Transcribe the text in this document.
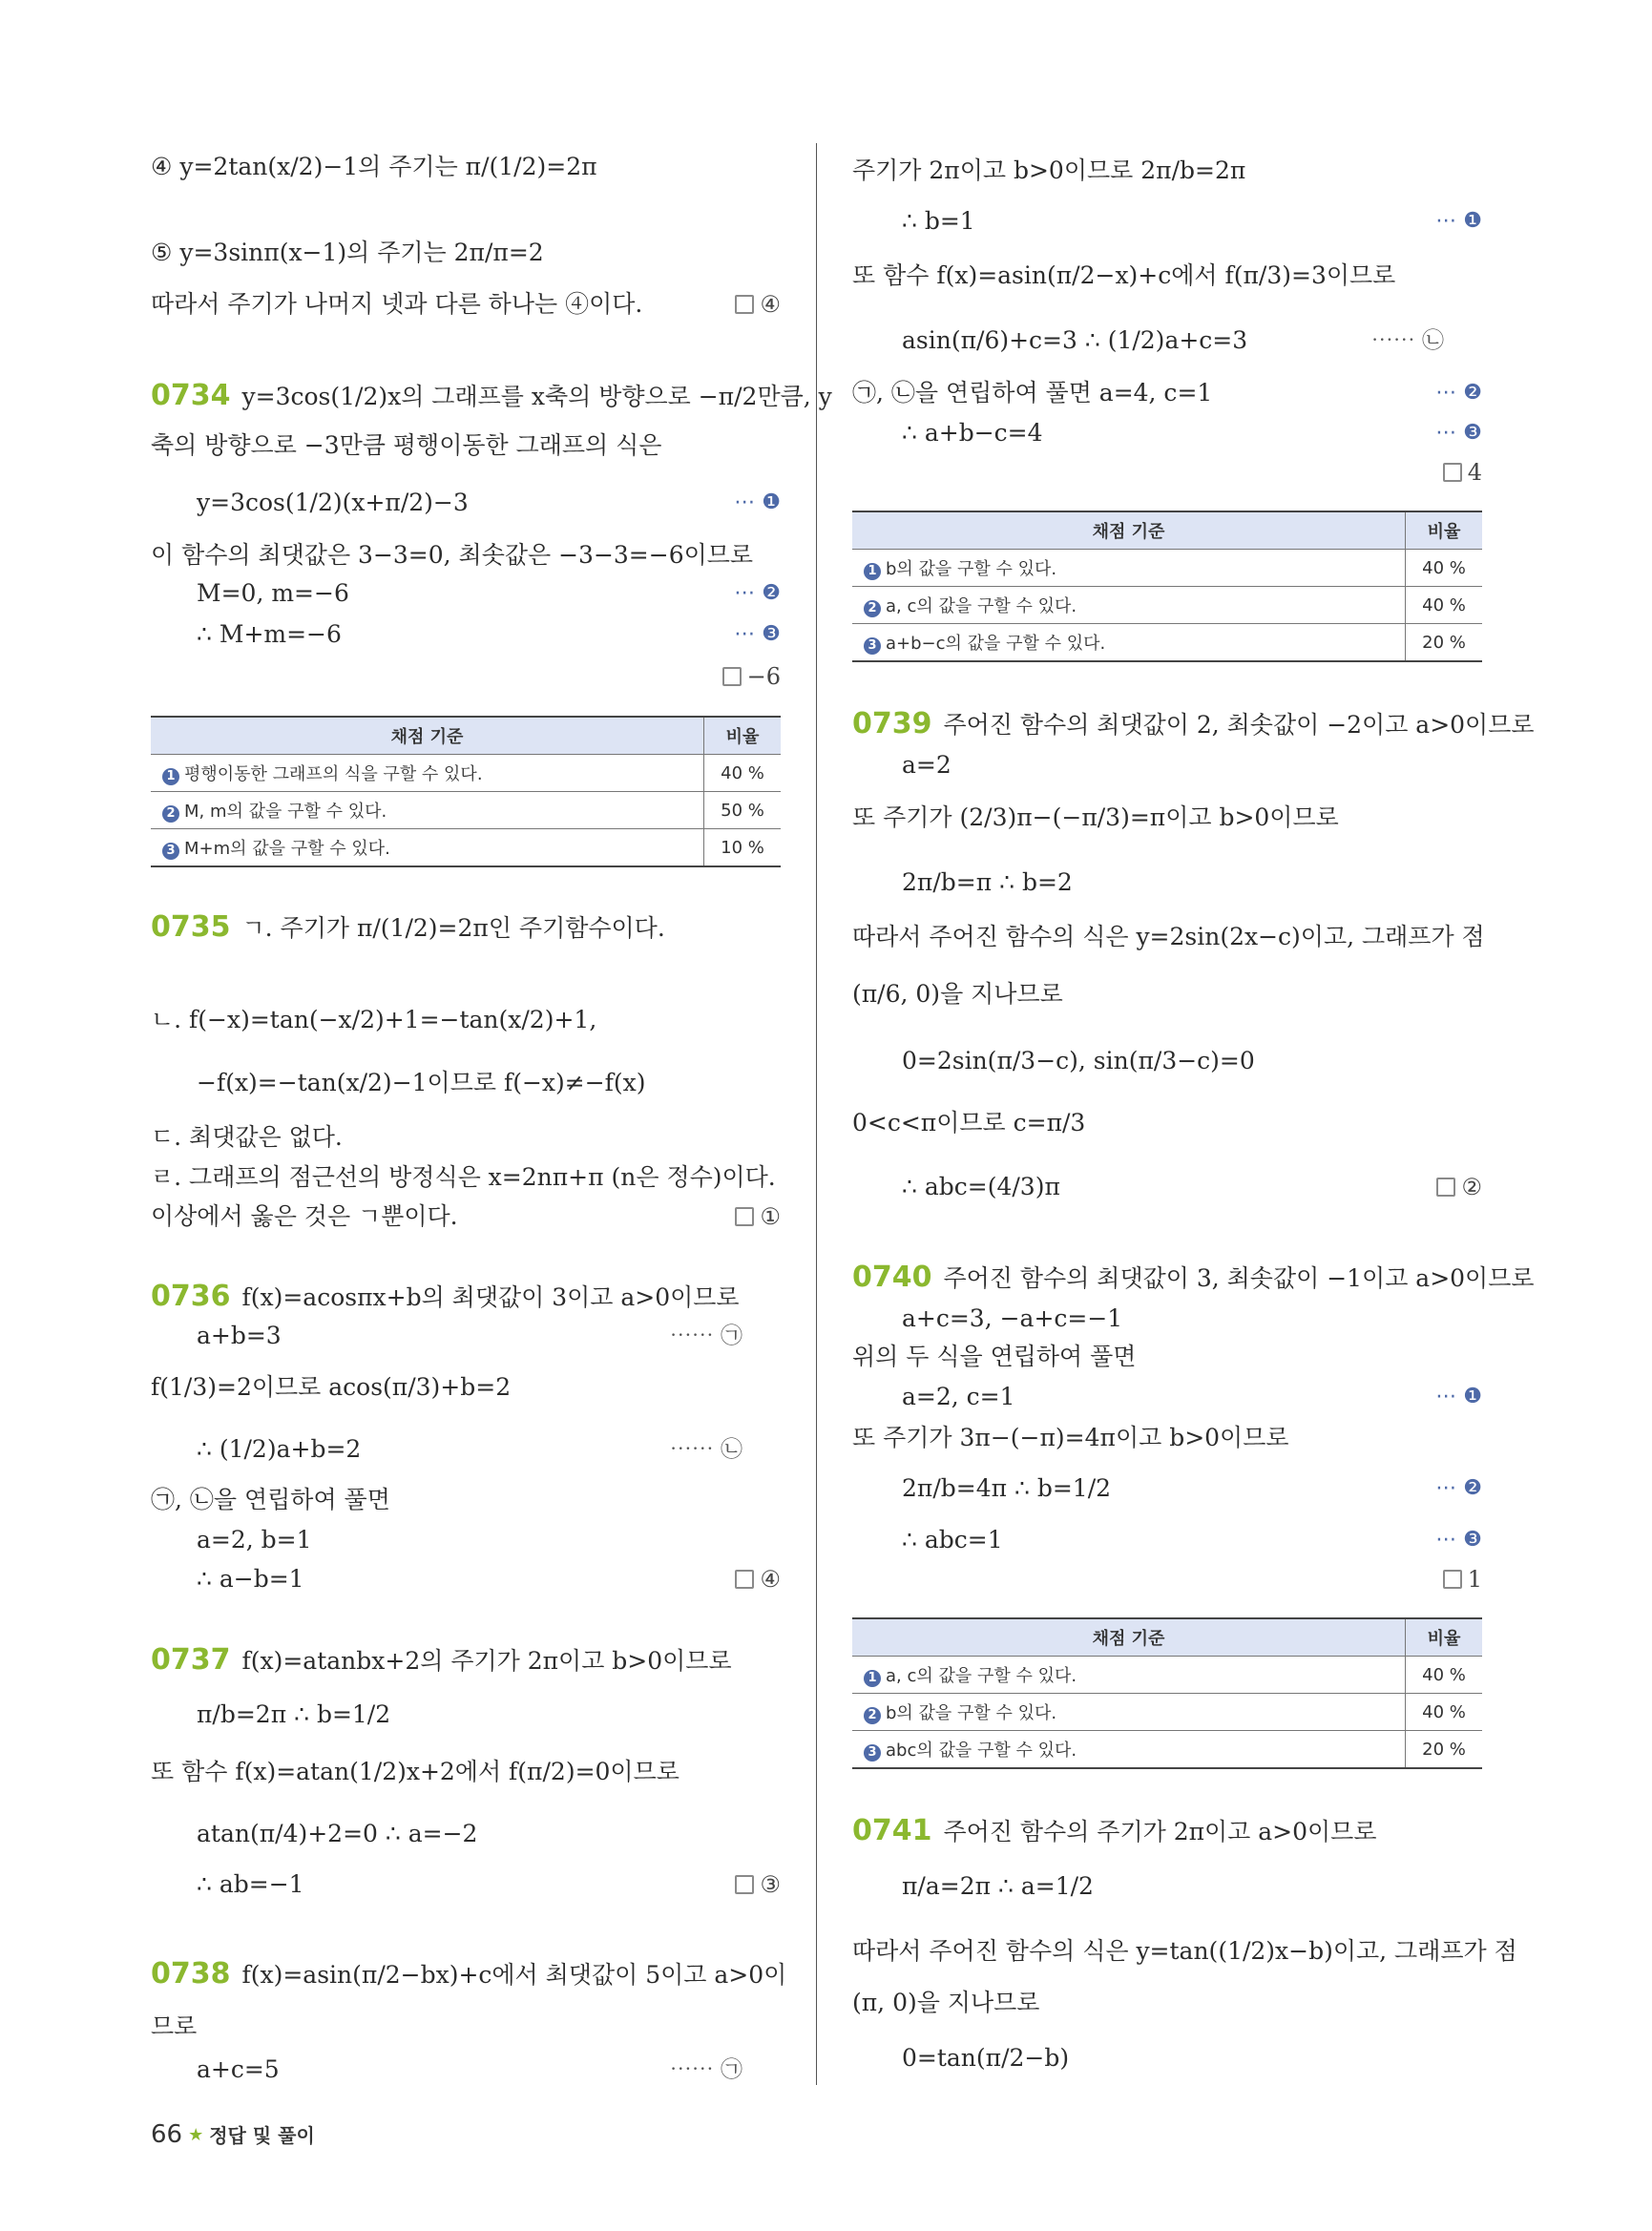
④ y=2tan(x/2)−1의 주기는 π/(1/2)=2π
⑤ y=3sinπ(x−1)의 주기는 2π/π=2
따라서 주기가 나머지 넷과 다른 하나는 ④이다.	④
0734 y=3cos(1/2)x의 그래프를 x축의 방향으로 −π/2만큼, y
축의 방향으로 −3만큼 평행이동한 그래프의 식은
y=3cos(1/2)(x+π/2)−3	⋯ ❶
이 함수의 최댓값은 3−3=0, 최솟값은 −3−3=−6이므로
M=0, m=−6	⋯ ❷
∴ M+m=−6	⋯ ❸
−6
채점 기준	비율
1 평행이동한 그래프의 식을 구할 수 있다.	40 %
2 M, m의 값을 구할 수 있다.	50 %
3 M+m의 값을 구할 수 있다.	10 %
0735 ㄱ. 주기가 π/(1/2)=2π인 주기함수이다.
ㄴ. f(−x)=tan(−x/2)+1=−tan(x/2)+1,
−f(x)=−tan(x/2)−1이므로 f(−x)≠−f(x)
ㄷ. 최댓값은 없다.
ㄹ. 그래프의 점근선의 방정식은 x=2nπ+π (n은 정수)이다.
이상에서 옳은 것은 ㄱ뿐이다.	①
0736 f(x)=acosπx+b의 최댓값이 3이고 a>0이므로
a+b=3	⋯⋯ ㉠
f(1/3)=2이므로 acos(π/3)+b=2
∴ (1/2)a+b=2	⋯⋯ ㉡
㉠, ㉡을 연립하여 풀면
a=2, b=1
∴ a−b=1	④
0737 f(x)=atanbx+2의 주기가 2π이고 b>0이므로
π/b=2π ∴ b=1/2
또 함수 f(x)=atan(1/2)x+2에서 f(π/2)=0이므로
atan(π/4)+2=0 ∴ a=−2
∴ ab=−1	③
0738 f(x)=asin(π/2−bx)+c에서 최댓값이 5이고 a>0이
므로
a+c=5	⋯⋯ ㉠
주기가 2π이고 b>0이므로 2π/b=2π
∴ b=1	⋯ ❶
또 함수 f(x)=asin(π/2−x)+c에서 f(π/3)=3이므로
asin(π/6)+c=3 ∴ (1/2)a+c=3	⋯⋯ ㉡
㉠, ㉡을 연립하여 풀면 a=4, c=1	⋯ ❷
∴ a+b−c=4	⋯ ❸
4
채점 기준	비율
1 b의 값을 구할 수 있다.	40 %
2 a, c의 값을 구할 수 있다.	40 %
3 a+b−c의 값을 구할 수 있다.	20 %
0739 주어진 함수의 최댓값이 2, 최솟값이 −2이고 a>0이므로
a=2
또 주기가 (2/3)π−(−π/3)=π이고 b>0이므로
2π/b=π ∴ b=2
따라서 주어진 함수의 식은 y=2sin(2x−c)이고, 그래프가 점
(π/6, 0)을 지나므로
0=2sin(π/3−c), sin(π/3−c)=0
0<c<π이므로 c=π/3
∴ abc=(4/3)π	②
0740 주어진 함수의 최댓값이 3, 최솟값이 −1이고 a>0이므로
a+c=3, −a+c=−1
위의 두 식을 연립하여 풀면
a=2, c=1	⋯ ❶
또 주기가 3π−(−π)=4π이고 b>0이므로
2π/b=4π ∴ b=1/2	⋯ ❷
∴ abc=1	⋯ ❸
1
채점 기준	비율
1 a, c의 값을 구할 수 있다.	40 %
2 b의 값을 구할 수 있다.	40 %
3 abc의 값을 구할 수 있다.	20 %
0741 주어진 함수의 주기가 2π이고 a>0이므로
π/a=2π ∴ a=1/2
따라서 주어진 함수의 식은 y=tan((1/2)x−b)이고, 그래프가 점
(π, 0)을 지나므로
0=tan(π/2−b)
66 ★ 정답 및 풀이
